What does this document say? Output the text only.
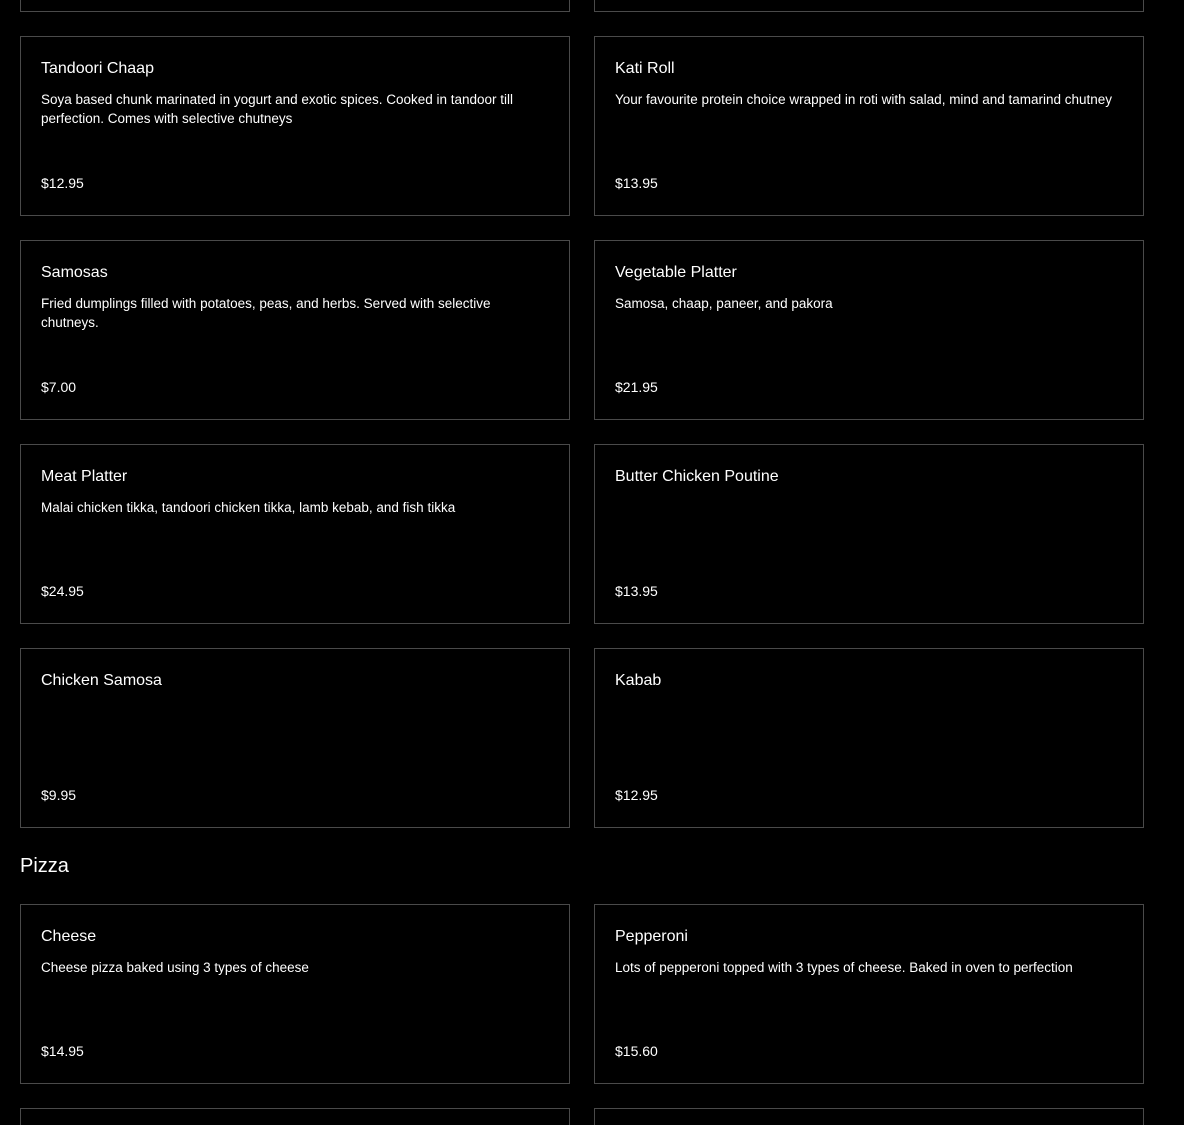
Tandoori Chaap
Soya based chunk marinated in yogurt and exotic spices. Cooked in tandoor till perfection. Comes with selective chutneys
$12.95
Kati Roll
Your favourite protein choice wrapped in roti with salad, mind and tamarind chutney
$13.95
Samosas
Fried dumplings filled with potatoes, peas, and herbs. Served with selective chutneys.
$7.00
Vegetable Platter
Samosa, chaap, paneer, and pakora
$21.95
Meat Platter
Malai chicken tikka, tandoori chicken tikka, lamb kebab, and fish tikka
$24.95
Butter Chicken Poutine
$13.95
Chicken Samosa
$9.95
Kabab
$12.95
Pizza
Cheese
Cheese pizza baked using 3 types of cheese
$14.95
Pepperoni
Lots of pepperoni topped with 3 types of cheese. Baked in oven to perfection
$15.60
